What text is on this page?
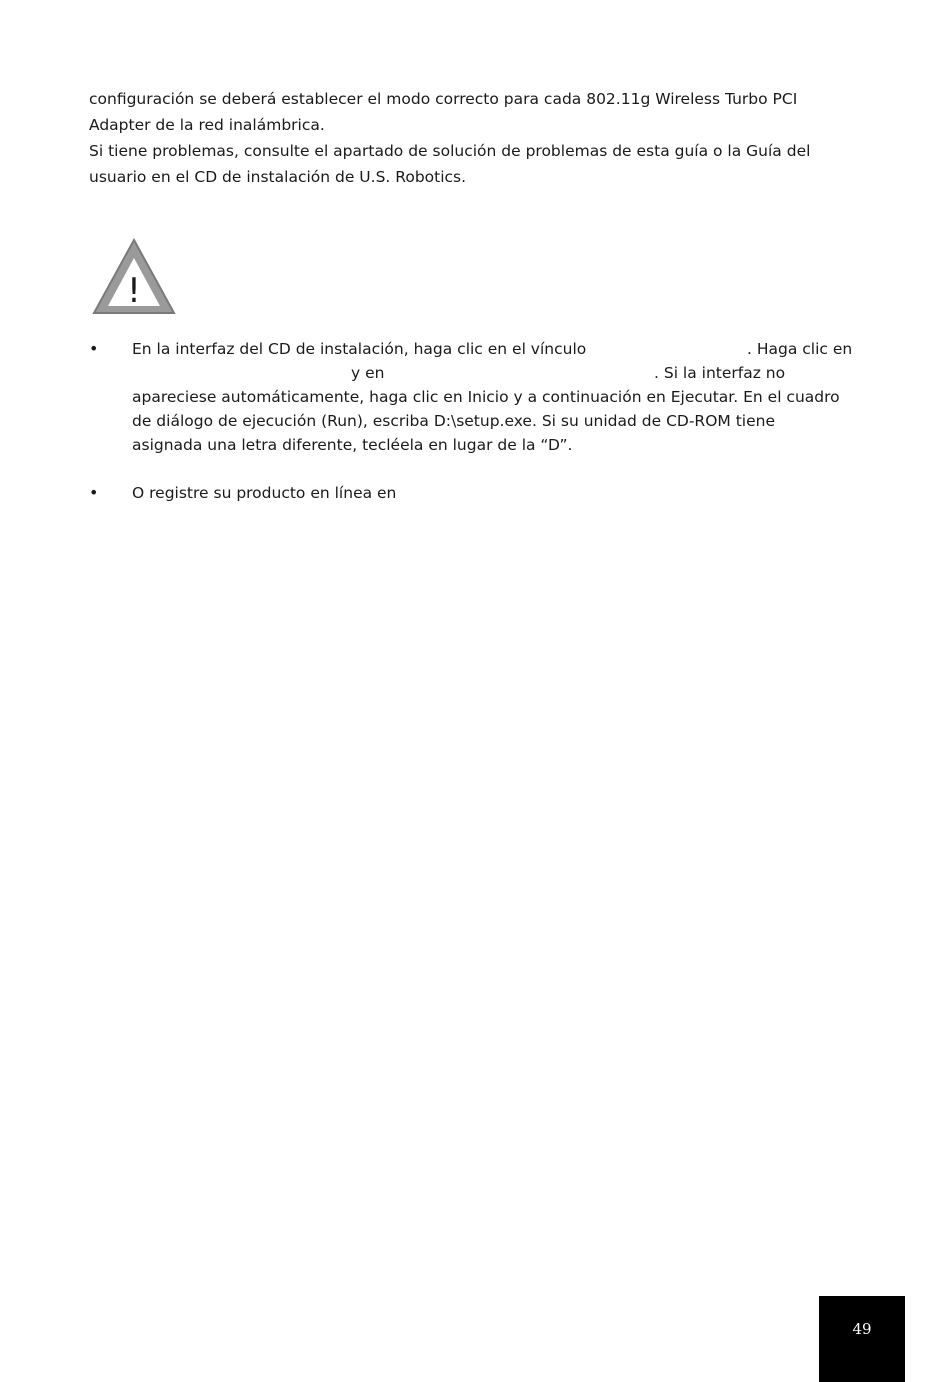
configuración se deberá establecer el modo correcto para cada 802.11g Wireless Turbo PCI
Adapter de la red inalámbrica.
Si tiene problemas, consulte el apartado de solución de problemas de esta guía o la Guía del
usuario en el CD de instalación de U.S. Robotics.
!
•	En la interfaz del CD de instalación, haga clic en el vínculo	. Haga clic en
y en	. Si la interfaz no
apareciese automáticamente, haga clic en Inicio y a continuación en Ejecutar. En el cuadro
de diálogo de ejecución (Run), escriba D:\setup.exe. Si su unidad de CD-ROM tiene
asignada una letra diferente, tecléela en lugar de la “D”.
•	O registre su producto en línea en
49
